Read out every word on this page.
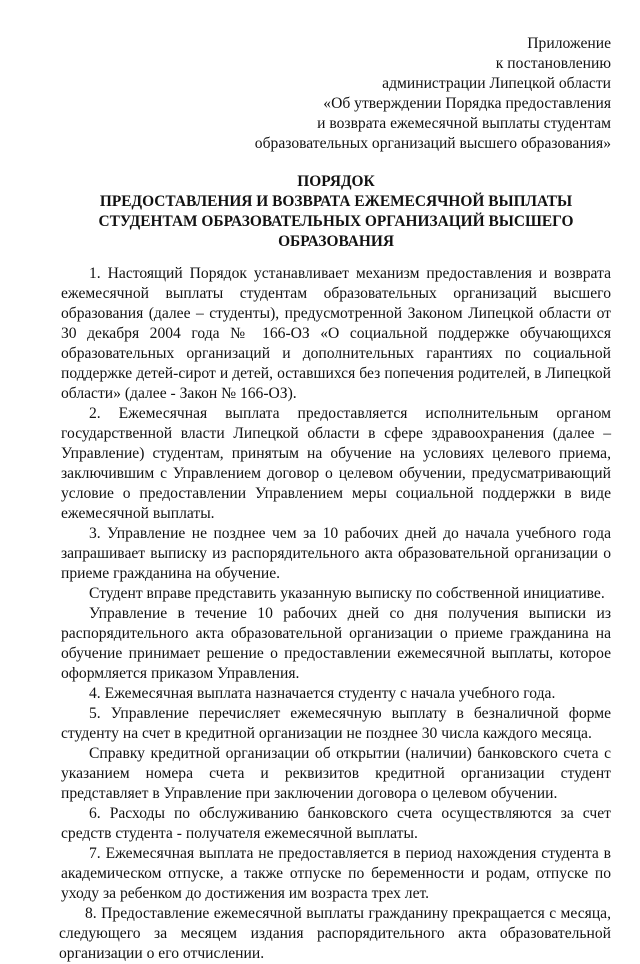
Приложение
к постановлению
администрации Липецкой области
«Об утверждении Порядка предоставления
и возврата ежемесячной выплаты студентам
образовательных организаций высшего образования»
ПОРЯДОК
ПРЕДОСТАВЛЕНИЯ И ВОЗВРАТА ЕЖЕМЕСЯЧНОЙ ВЫПЛАТЫ
СТУДЕНТАМ ОБРАЗОВАТЕЛЬНЫХ ОРГАНИЗАЦИЙ ВЫСШЕГО
ОБРАЗОВАНИЯ

1. Настоящий Порядок устанавливает механизм предоставления и возврата ежемесячной выплаты студентам образовательных организаций высшего образования (далее – студенты), предусмотренной Законом Липецкой области от 30 декабря 2004 года № 166-ОЗ «О социальной поддержке обучающихся образовательных организаций и дополнительных гарантиях по социальной поддержке детей-сирот и детей, оставшихся без попечения родителей, в Липецкой области» (далее - Закон № 166-ОЗ).

2. Ежемесячная выплата предоставляется исполнительным органом государственной власти Липецкой области в сфере здравоохранения (далее – Управление) студентам, принятым на обучение на условиях целевого приема, заключившим с Управлением договор о целевом обучении, предусматривающий условие о предоставлении Управлением меры социальной поддержки в виде ежемесячной выплаты.

3. Управление не позднее чем за 10 рабочих дней до начала учебного года запрашивает выписку из распорядительного акта образовательной организации о приеме гражданина на обучение.

Студент вправе представить указанную выписку по собственной инициативе.

Управление в течение 10 рабочих дней со дня получения выписки из распорядительного акта образовательной организации о приеме гражданина на обучение принимает решение о предоставлении ежемесячной выплаты, которое оформляется приказом Управления.

4. Ежемесячная выплата назначается студенту с начала учебного года.

5. Управление перечисляет ежемесячную выплату в безналичной форме студенту на счет в кредитной организации не позднее 30 числа каждого месяца.

Справку кредитной организации об открытии (наличии) банковского счета с указанием номера счета и реквизитов кредитной организации студент представляет в Управление при заключении договора о целевом обучении.

6. Расходы по обслуживанию банковского счета осуществляются за счет средств студента - получателя ежемесячной выплаты.

7. Ежемесячная выплата не предоставляется в период нахождения студента в академическом отпуске, а также отпуске по беременности и родам, отпуске по уходу за ребенком до достижения им возраста трех лет.

8. Предоставление ежемесячной выплаты гражданину прекращается с месяца, следующего за месяцем издания распорядительного акта образовательной организации о его отчислении.
